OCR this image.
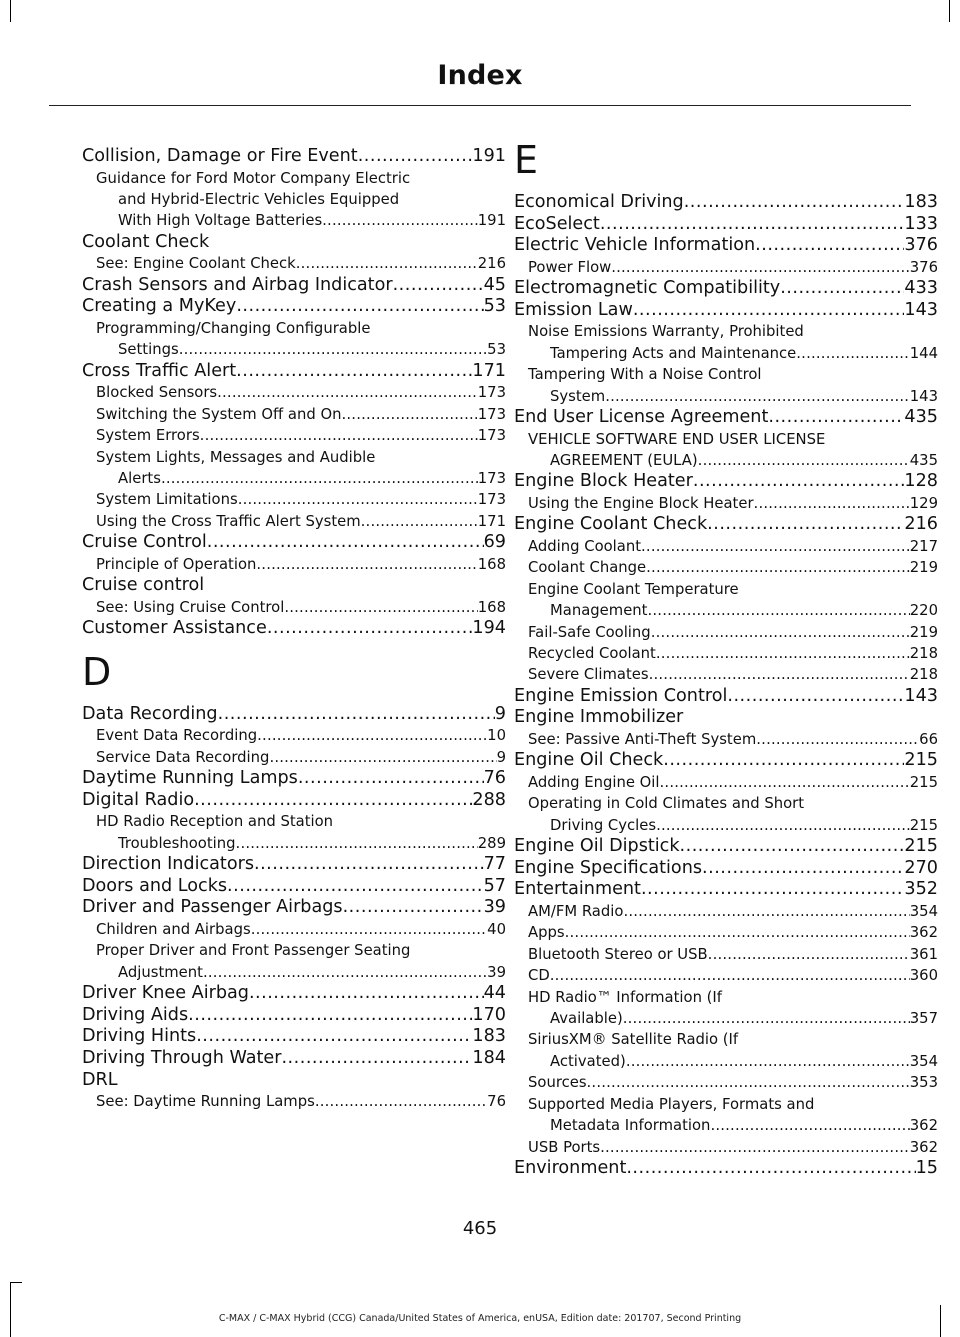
Index
Collision, Damage or Fire Event .....	191
Guidance for Ford Motor Company Electric
and Hybrid-Electric Vehicles Equipped
With High Voltage Batteries .....	191
Coolant Check
See: Engine Coolant Check .....	216
Crash Sensors and Airbag Indicator .....	45
Creating a MyKey .....	53
Programming/Changing Configurable
Settings .....	53
Cross Traffic Alert .....	171
Blocked Sensors .....	173
Switching the System Off and On .....	173
System Errors .....	173
System Lights, Messages and Audible
Alerts .....	173
System Limitations .....	173
Using the Cross Traffic Alert System .....	171
Cruise Control .....	69
Principle of Operation .....	168
Cruise control
See: Using Cruise Control .....	168
Customer Assistance .....	194
D
Data Recording .....	9
Event Data Recording .....	10
Service Data Recording .....	9
Daytime Running Lamps .....	76
Digital Radio .....	288
HD Radio Reception and Station
Troubleshooting .....	289
Direction Indicators .....	77
Doors and Locks .....	57
Driver and Passenger Airbags .....	39
Children and Airbags .....	40
Proper Driver and Front Passenger Seating
Adjustment .....	39
Driver Knee Airbag .....	44
Driving Aids .....	170
Driving Hints .....	183
Driving Through Water .....	184
DRL
See: Daytime Running Lamps .....	76
E
Economical Driving .....	183
EcoSelect .....	133
Electric Vehicle Information .....	376
Power Flow .....	376
Electromagnetic Compatibility .....	433
Emission Law .....	143
Noise Emissions Warranty, Prohibited
Tampering Acts and Maintenance .....	144
Tampering With a Noise Control
System .....	143
End User License Agreement .....	435
VEHICLE SOFTWARE END USER LICENSE
AGREEMENT (EULA) .....	435
Engine Block Heater .....	128
Using the Engine Block Heater .....	129
Engine Coolant Check .....	216
Adding Coolant .....	217
Coolant Change .....	219
Engine Coolant Temperature
Management .....	220
Fail-Safe Cooling .....	219
Recycled Coolant .....	218
Severe Climates .....	218
Engine Emission Control .....	143
Engine Immobilizer
See: Passive Anti-Theft System .....	66
Engine Oil Check .....	215
Adding Engine Oil .....	215
Operating in Cold Climates and Short
Driving Cycles .....	215
Engine Oil Dipstick .....	215
Engine Specifications .....	270
Entertainment .....	352
AM/FM Radio .....	354
Apps .....	362
Bluetooth Stereo or USB .....	361
CD .....	360
HD Radio™ Information (If
Available) .....	357
SiriusXM® Satellite Radio (If
Activated) .....	354
Sources .....	353
Supported Media Players, Formats and
Metadata Information .....	362
USB Ports .....	362
Environment .....	15
465
C-MAX / C-MAX Hybrid (CCG) Canada/United States of America, enUSA, Edition date: 201707, Second Printing
